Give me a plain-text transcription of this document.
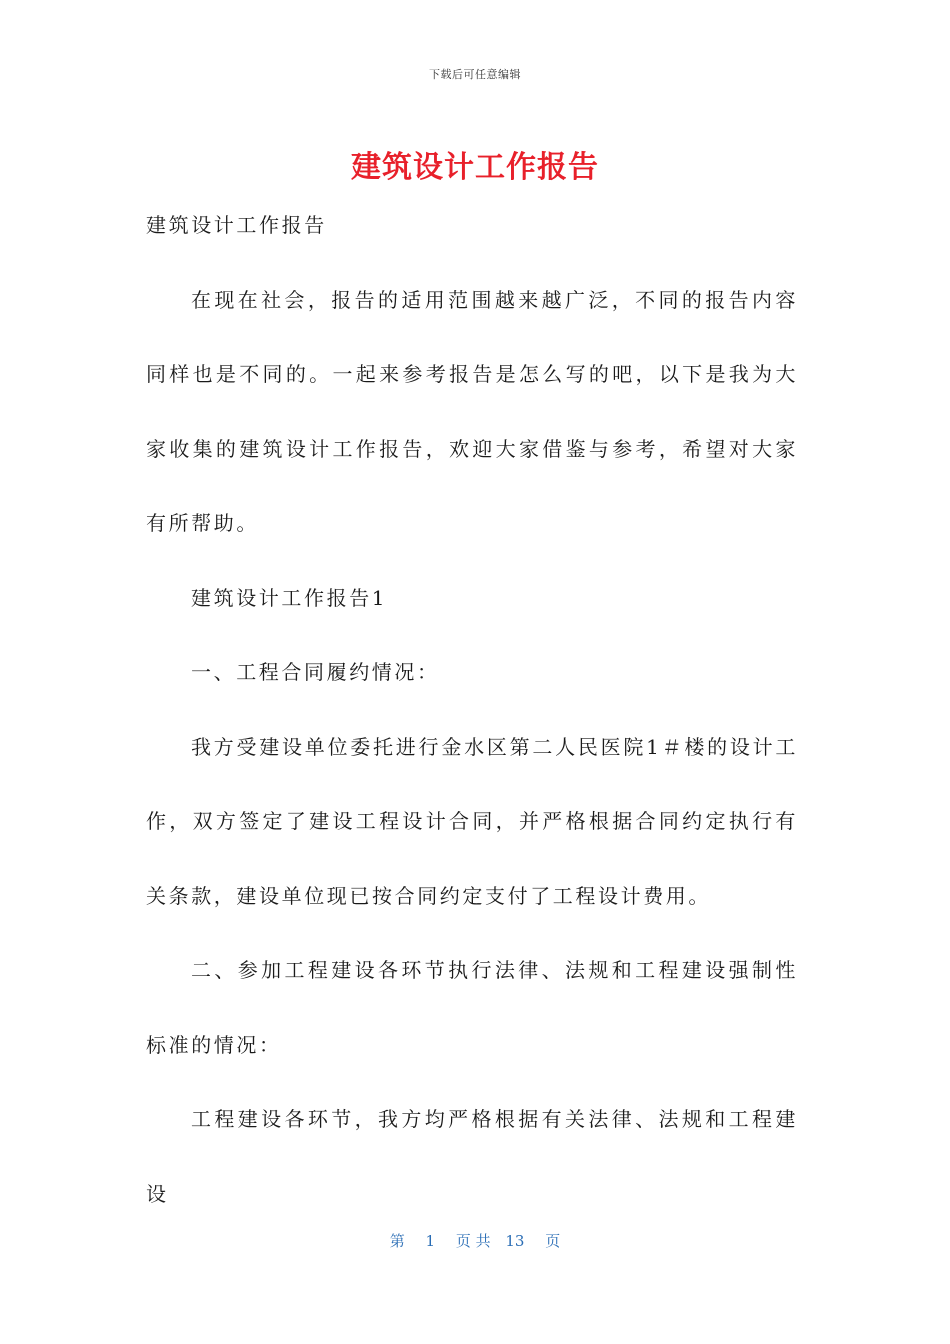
下载后可任意编辑
建筑设计工作报告

建筑设计工作报告

在现在社会，报告的适用范围越来越广泛，不同的报告内容同样也是不同的。一起来参考报告是怎么写的吧，以下是我为大家收集的建筑设计工作报告，欢迎大家借鉴与参考，希望对大家有所帮助。

建筑设计工作报告1

一、工程合同履约情况：

我方受建设单位委托进行金水区第二人民医院1＃楼的设计工作，双方签定了建设工程设计合同，并严格根据合同约定执行有关条款，建设单位现已按合同约定支付了工程设计费用。

二、参加工程建设各环节执行法律、法规和工程建设强制性标准的情况：

工程建设各环节，我方均严格根据有关法律、法规和工程建设

第 1 页 共 13 页
